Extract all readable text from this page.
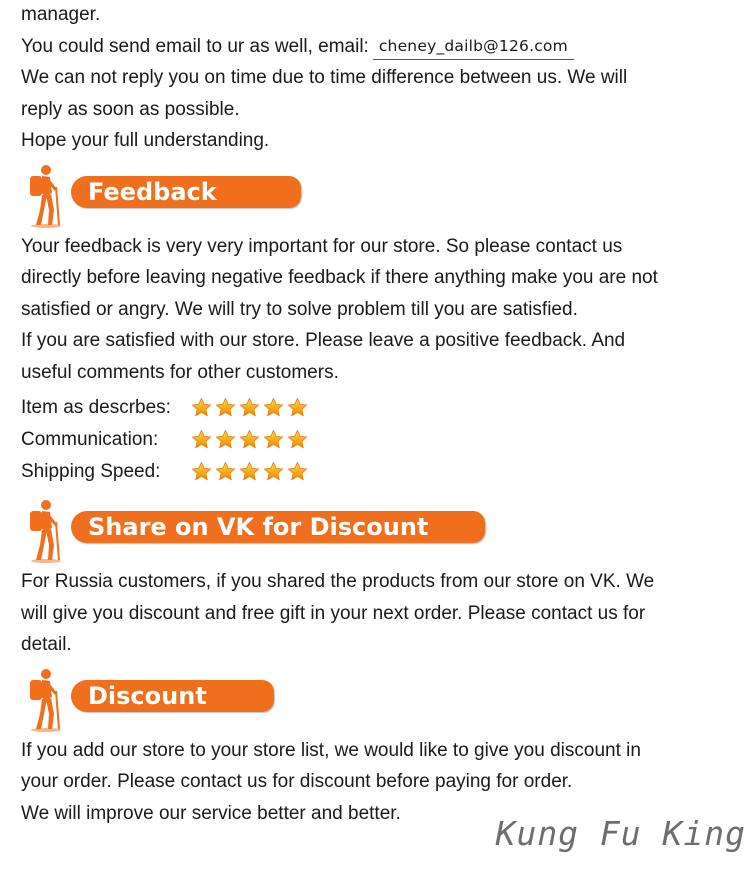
manager.

You could send email to ur as well, email: cheney_dailb@126.com

We can not reply you on time due to time difference between us. We will

reply as soon as possible.

Hope your full understanding.

Feedback

Your feedback is very very important for our store. So please contact us

directly before leaving negative feedback if there anything make you are not

satisfied or angry. We will try to solve problem till you are satisfied.

If you are satisfied with our store. Please leave a positive feedback. And

useful comments for other customers.

Item as descrbes:
Communication:
Shipping Speed:
Share on VK for Discount

For Russia customers, if you shared the products from our store on VK. We

will give you discount and free gift in your next order. Please contact us for

detail.

Discount

If you add our store to your store list, we would like to give you discount in

your order. Please contact us for discount before paying for order.

We will improve our service better and better.

Kung Fu King
